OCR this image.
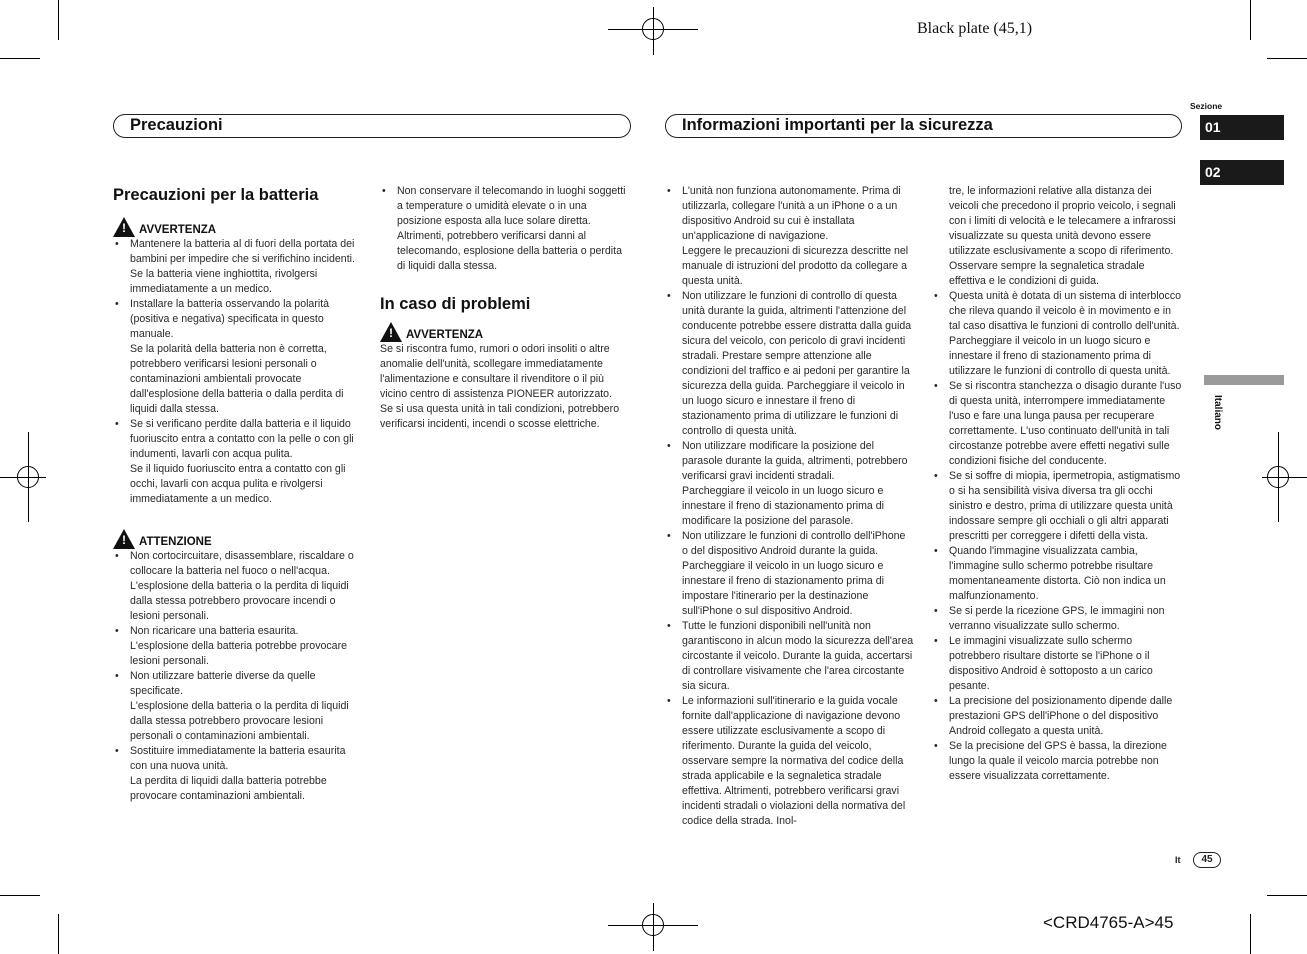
Black plate (45,1)
<CRD4765-A>45
Precauzioni	Informazioni importanti per la sicurezza
Sezione
01
02
Italiano
It	45
Precauzioni per la batteria
! AVVERTENZA
• Mantenere la batteria al di fuori della portata dei bambini per impedire che si verifichino incidenti.
Se la batteria viene inghiottita, rivolgersi immediatamente a un medico.
• Installare la batteria osservando la polarità (positiva e negativa) specificata in questo manuale.
Se la polarità della batteria non è corretta, potrebbero verificarsi lesioni personali o contaminazioni ambientali provocate dall'esplosione della batteria o dalla perdita di liquidi dalla stessa.
• Se si verificano perdite dalla batteria e il liquido fuoriuscito entra a contatto con la pelle o con gli indumenti, lavarli con acqua pulita.
Se il liquido fuoriuscito entra a contatto con gli occhi, lavarli con acqua pulita e rivolgersi immediatamente a un medico.
! ATTENZIONE
• Non cortocircuitare, disassemblare, riscaldare o collocare la batteria nel fuoco o nell'acqua.
L'esplosione della batteria o la perdita di liquidi dalla stessa potrebbero provocare incendi o lesioni personali.
• Non ricaricare una batteria esaurita.
L'esplosione della batteria potrebbe provocare lesioni personali.
• Non utilizzare batterie diverse da quelle specificate.
L'esplosione della batteria o la perdita di liquidi dalla stessa potrebbero provocare lesioni personali o contaminazioni ambientali.
• Sostituire immediatamente la batteria esaurita con una nuova unità.
La perdita di liquidi dalla batteria potrebbe provocare contaminazioni ambientali.
• Non conservare il telecomando in luoghi soggetti a temperature o umidità elevate o in una posizione esposta alla luce solare diretta.
Altrimenti, potrebbero verificarsi danni al telecomando, esplosione della batteria o perdita di liquidi dalla stessa.
In caso di problemi
! AVVERTENZA

Se si riscontra fumo, rumori o odori insoliti o altre anomalie dell'unità, scollegare immediatamente l'alimentazione e consultare il rivenditore o il più vicino centro di assistenza PIONEER autorizzato.

Se si usa questa unità in tali condizioni, potrebbero verificarsi incidenti, incendi o scosse elettriche.

• L'unità non funziona autonomamente. Prima di utilizzarla, collegare l'unità a un iPhone o a un dispositivo Android su cui è installata un'applicazione di navigazione.
Leggere le precauzioni di sicurezza descritte nel manuale di istruzioni del prodotto da collegare a questa unità.
• Non utilizzare le funzioni di controllo di questa unità durante la guida, altrimenti l'attenzione del conducente potrebbe essere distratta dalla guida sicura del veicolo, con pericolo di gravi incidenti stradali. Prestare sempre attenzione alle condizioni del traffico e ai pedoni per garantire la sicurezza della guida. Parcheggiare il veicolo in un luogo sicuro e innestare il freno di stazionamento prima di utilizzare le funzioni di controllo di questa unità.
• Non utilizzare modificare la posizione del parasole durante la guida, altrimenti, potrebbero verificarsi gravi incidenti stradali.
Parcheggiare il veicolo in un luogo sicuro e innestare il freno di stazionamento prima di modificare la posizione del parasole.
• Non utilizzare le funzioni di controllo dell'iPhone o del dispositivo Android durante la guida. Parcheggiare il veicolo in un luogo sicuro e innestare il freno di stazionamento prima di impostare l'itinerario per la destinazione sull'iPhone o sul dispositivo Android.
• Tutte le funzioni disponibili nell'unità non garantiscono in alcun modo la sicurezza dell'area circostante il veicolo. Durante la guida, accertarsi di controllare visivamente che l'area circostante sia sicura.
• Le informazioni sull'itinerario e la guida vocale fornite dall'applicazione di navigazione devono essere utilizzate esclusivamente a scopo di riferimento. Durante la guida del veicolo, osservare sempre la normativa del codice della strada applicabile e la segnaletica stradale effettiva. Altrimenti, potrebbero verificarsi gravi incidenti stradali o violazioni della normativa del codice della strada. Inol-

tre, le informazioni relative alla distanza dei veicoli che precedono il proprio veicolo, i segnali con i limiti di velocità e le telecamere a infrarossi visualizzate su questa unità devono essere utilizzate esclusivamente a scopo di riferimento. Osservare sempre la segnaletica stradale effettiva e le condizioni di guida.

• Questa unità è dotata di un sistema di interblocco che rileva quando il veicolo è in movimento e in tal caso disattiva le funzioni di controllo dell'unità. Parcheggiare il veicolo in un luogo sicuro e innestare il freno di stazionamento prima di utilizzare le funzioni di controllo di questa unità.
• Se si riscontra stanchezza o disagio durante l'uso di questa unità, interrompere immediatamente l'uso e fare una lunga pausa per recuperare correttamente. L'uso continuato dell'unità in tali circostanze potrebbe avere effetti negativi sulle condizioni fisiche del conducente.
• Se si soffre di miopia, ipermetropia, astigmatismo o si ha sensibilità visiva diversa tra gli occhi sinistro e destro, prima di utilizzare questa unità indossare sempre gli occhiali o gli altri apparati prescritti per correggere i difetti della vista.
• Quando l'immagine visualizzata cambia, l'immagine sullo schermo potrebbe risultare momentaneamente distorta. Ciò non indica un malfunzionamento.
• Se si perde la ricezione GPS, le immagini non verranno visualizzate sullo schermo.
• Le immagini visualizzate sullo schermo potrebbero risultare distorte se l'iPhone o il dispositivo Android è sottoposto a un carico pesante.
• La precisione del posizionamento dipende dalle prestazioni GPS dell'iPhone o del dispositivo Android collegato a questa unità.
• Se la precisione del GPS è bassa, la direzione lungo la quale il veicolo marcia potrebbe non essere visualizzata correttamente.
